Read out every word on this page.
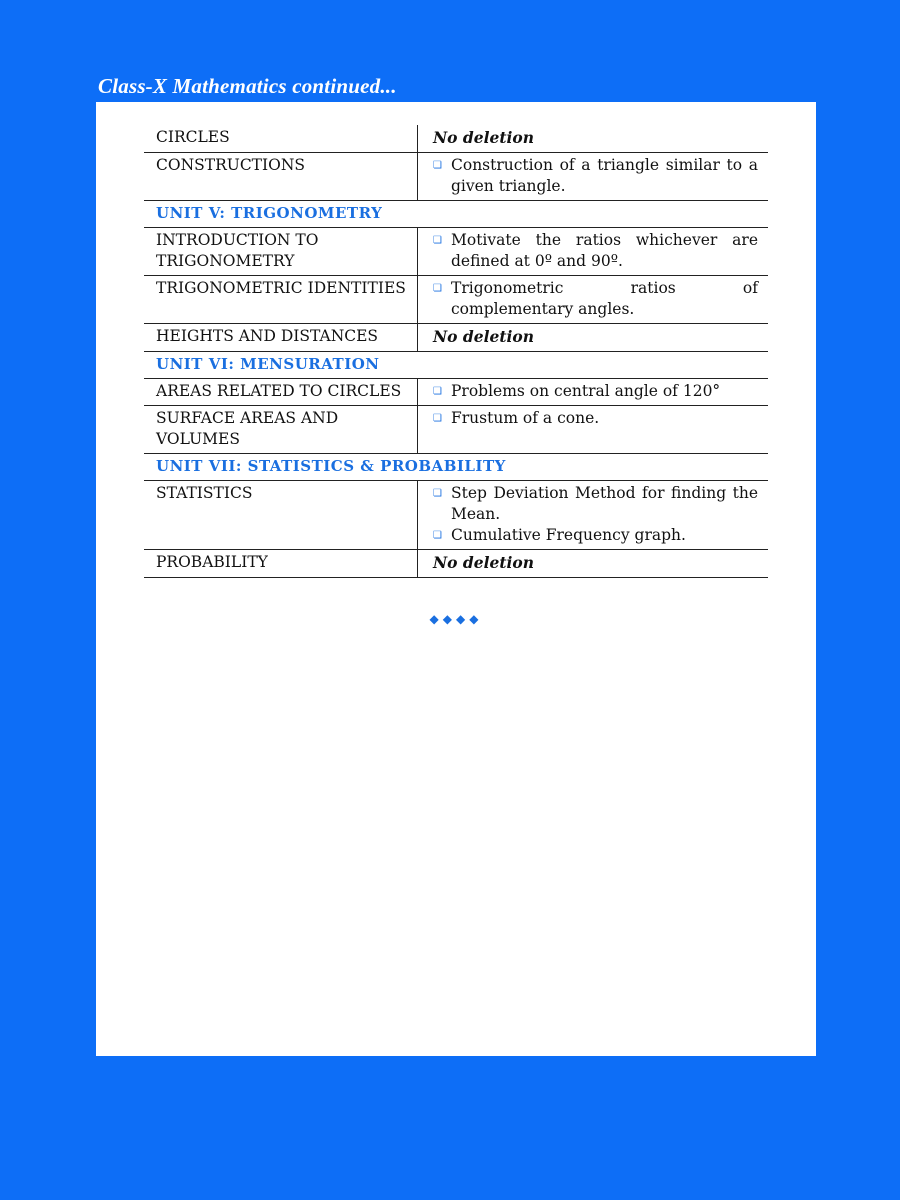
Class-X Mathematics continued...
CIRCLES	No deletion
CONSTRUCTIONS	❏ Construction of a triangle similar to a given triangle.

UNIT V: TRIGONOMETRY	
INTRODUCTION TO TRIGONOMETRY	❏ Motivate the ratios whichever are defined at 0º and 90º.

TRIGONOMETRIC IDENTITIES	❏ Trigonometric ratios of complementary angles.

HEIGHTS AND DISTANCES	No deletion
UNIT VI: MENSURATION	
AREAS RELATED TO CIRCLES	❏ Problems on central angle of 120°

SURFACE AREAS AND VOLUMES	❏ Frustum of a cone.

UNIT VII: STATISTICS & PROBABILITY	
STATISTICS	❏ Step Deviation Method for finding the Mean.
❏ Cumulative Frequency graph.

PROBABILITY	No deletion
◆◆◆◆
